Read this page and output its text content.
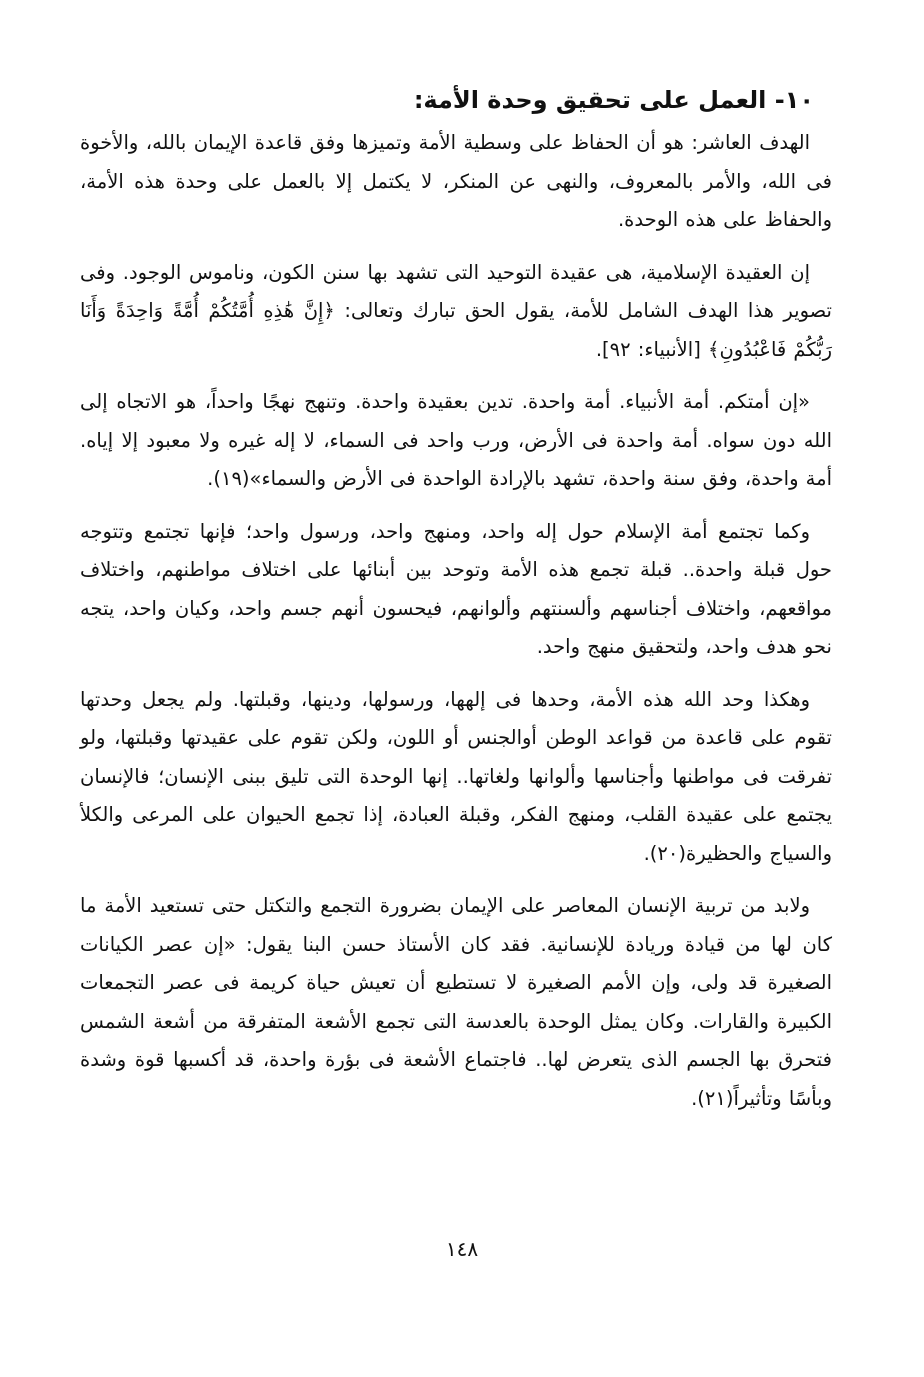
١٠- العمل على تحقيق وحدة الأمة:

الهدف العاشر: هو أن الحفاظ على وسطية الأمة وتميزها وفق قاعدة الإيمان بالله، والأخوة فى الله، والأمر بالمعروف، والنهى عن المنكر، لا يكتمل إلا بالعمل على وحدة هذه الأمة، والحفاظ على هذه الوحدة.

إن العقيدة الإسلامية، هى عقيدة التوحيد التى تشهد بها سنن الكون، وناموس الوجود. وفى تصوير هذا الهدف الشامل للأمة، يقول الحق تبارك وتعالى: ﴿إِنَّ هَٰذِهِ أُمَّتُكُمْ أُمَّةً وَاحِدَةً وَأَنَا رَبُّكُمْ فَاعْبُدُونِ﴾ [الأنبياء: ٩٢].

«إن أمتكم. أمة الأنبياء. أمة واحدة. تدين بعقيدة واحدة. وتنهج نهجًا واحداً، هو الاتجاه إلى الله دون سواه. أمة واحدة فى الأرض، ورب واحد فى السماء، لا إله غيره ولا معبود إلا إياه. أمة واحدة، وفق سنة واحدة، تشهد بالإرادة الواحدة فى الأرض والسماء»(١٩).

وكما تجتمع أمة الإسلام حول إله واحد، ومنهج واحد، ورسول واحد؛ فإنها تجتمع وتتوجه حول قبلة واحدة.. قبلة تجمع هذه الأمة وتوحد بين أبنائها على اختلاف مواطنهم، واختلاف مواقعهم، واختلاف أجناسهم وألسنتهم وألوانهم، فيحسون أنهم جسم واحد، وكيان واحد، يتجه نحو هدف واحد، ولتحقيق منهج واحد.

وهكذا وحد الله هذه الأمة، وحدها فى إلهها، ورسولها، ودينها، وقبلتها. ولم يجعل وحدتها تقوم على قاعدة من قواعد الوطن أوالجنس أو اللون، ولكن تقوم على عقيدتها وقبلتها، ولو تفرقت فى مواطنها وأجناسها وألوانها ولغاتها.. إنها الوحدة التى تليق ببنى الإنسان؛ فالإنسان يجتمع على عقيدة القلب، ومنهج الفكر، وقبلة العبادة، إذا تجمع الحيوان على المرعى والكلأ والسياج والحظيرة(٢٠).

ولابد من تربية الإنسان المعاصر على الإيمان بضرورة التجمع والتكتل حتى تستعيد الأمة ما كان لها من قيادة وريادة للإنسانية. فقد كان الأستاذ حسن البنا يقول: «إن عصر الكيانات الصغيرة قد ولى، وإن الأمم الصغيرة لا تستطيع أن تعيش حياة كريمة فى عصر التجمعات الكبيرة والقارات. وكان يمثل الوحدة بالعدسة التى تجمع الأشعة المتفرقة من أشعة الشمس فتحرق بها الجسم الذى يتعرض لها.. فاجتماع الأشعة فى بؤرة واحدة، قد أكسبها قوة وشدة وبأسًا وتأثيراً(٢١).

١٤٨
